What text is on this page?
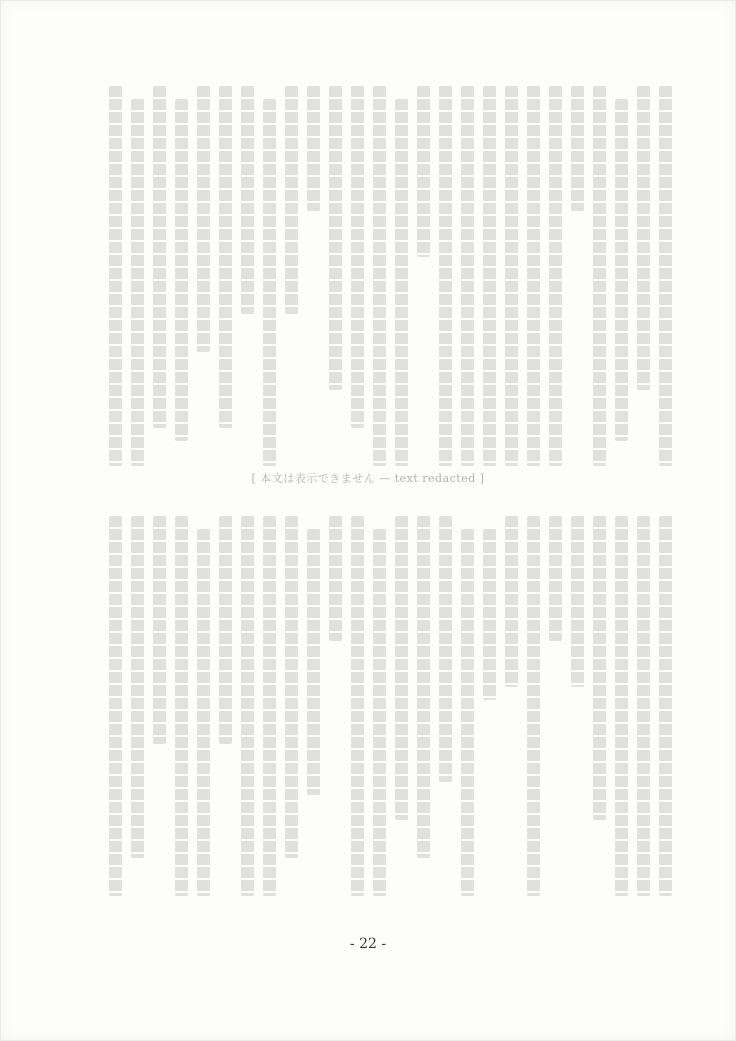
[ 本文は表示できません — text redacted ]
- 22 -
